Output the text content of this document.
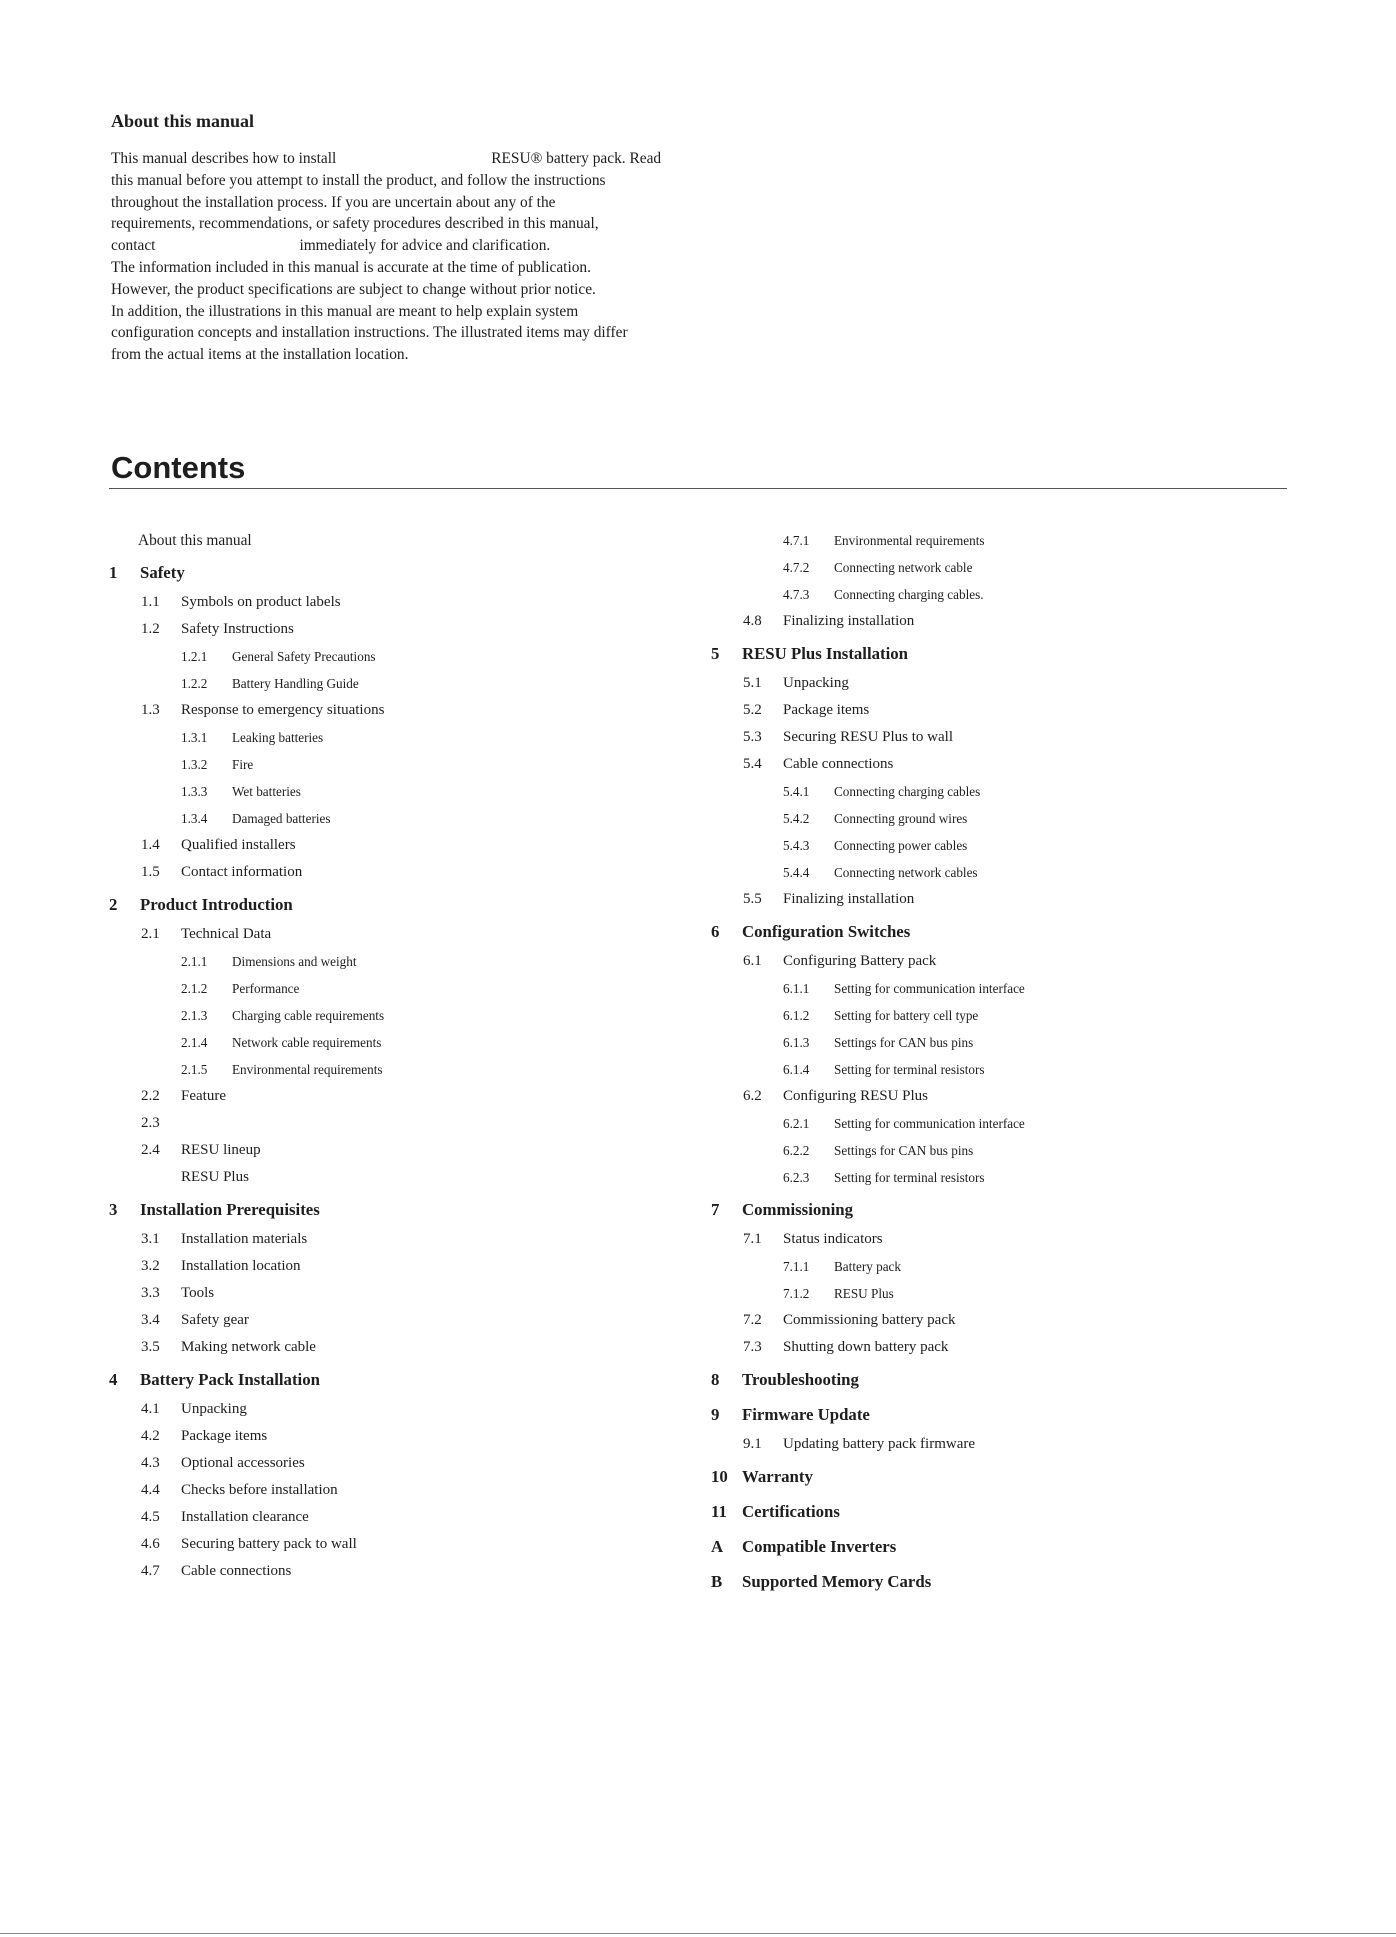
About this manual
This manual describes how to install	RESU® battery pack. Read
this manual before you attempt to install the product, and follow the instructions
throughout the installation process. If you are uncertain about any of the
requirements, recommendations, or safety procedures described in this manual,
contact	immediately for advice and clarification.
The information included in this manual is accurate at the time of publication.
However, the product specifications are subject to change without prior notice.
In addition, the illustrations in this manual are meant to help explain system
configuration concepts and installation instructions. The illustrated items may differ
from the actual items at the installation location.
Contents
About this manual
1 Safety
1.1 Symbols on product labels
1.2 Safety Instructions
1.2.1 General Safety Precautions
1.2.2 Battery Handling Guide
1.3 Response to emergency situations
1.3.1 Leaking batteries
1.3.2 Fire
1.3.3 Wet batteries
1.3.4 Damaged batteries
1.4 Qualified installers
1.5 Contact information
2 Product Introduction
2.1 Technical Data
2.1.1 Dimensions and weight
2.1.2 Performance
2.1.3 Charging cable requirements
2.1.4 Network cable requirements
2.1.5 Environmental requirements
2.2 Feature
2.3
2.4 RESU lineup
RESU Plus
3 Installation Prerequisites
3.1 Installation materials
3.2 Installation location
3.3 Tools
3.4 Safety gear
3.5 Making network cable
4 Battery Pack Installation
4.1 Unpacking
4.2 Package items
4.3 Optional accessories
4.4 Checks before installation
4.5 Installation clearance
4.6 Securing battery pack to wall
4.7 Cable connections
4.7.1 Environmental requirements
4.7.2 Connecting network cable
4.7.3 Connecting charging cables.
4.8 Finalizing installation
5 RESU Plus Installation
5.1 Unpacking
5.2 Package items
5.3 Securing RESU Plus to wall
5.4 Cable connections
5.4.1 Connecting charging cables
5.4.2 Connecting ground wires
5.4.3 Connecting power cables
5.4.4 Connecting network cables
5.5 Finalizing installation
6 Configuration Switches
6.1 Configuring Battery pack
6.1.1 Setting for communication interface
6.1.2 Setting for battery cell type
6.1.3 Settings for CAN bus pins
6.1.4 Setting for terminal resistors
6.2 Configuring RESU Plus
6.2.1 Setting for communication interface
6.2.2 Settings for CAN bus pins
6.2.3 Setting for terminal resistors
7 Commissioning
7.1 Status indicators
7.1.1 Battery pack
7.1.2 RESU Plus
7.2 Commissioning battery pack
7.3 Shutting down battery pack
8 Troubleshooting
9 Firmware Update
9.1 Updating battery pack firmware
10 Warranty
11 Certifications
A Compatible Inverters
B Supported Memory Cards
